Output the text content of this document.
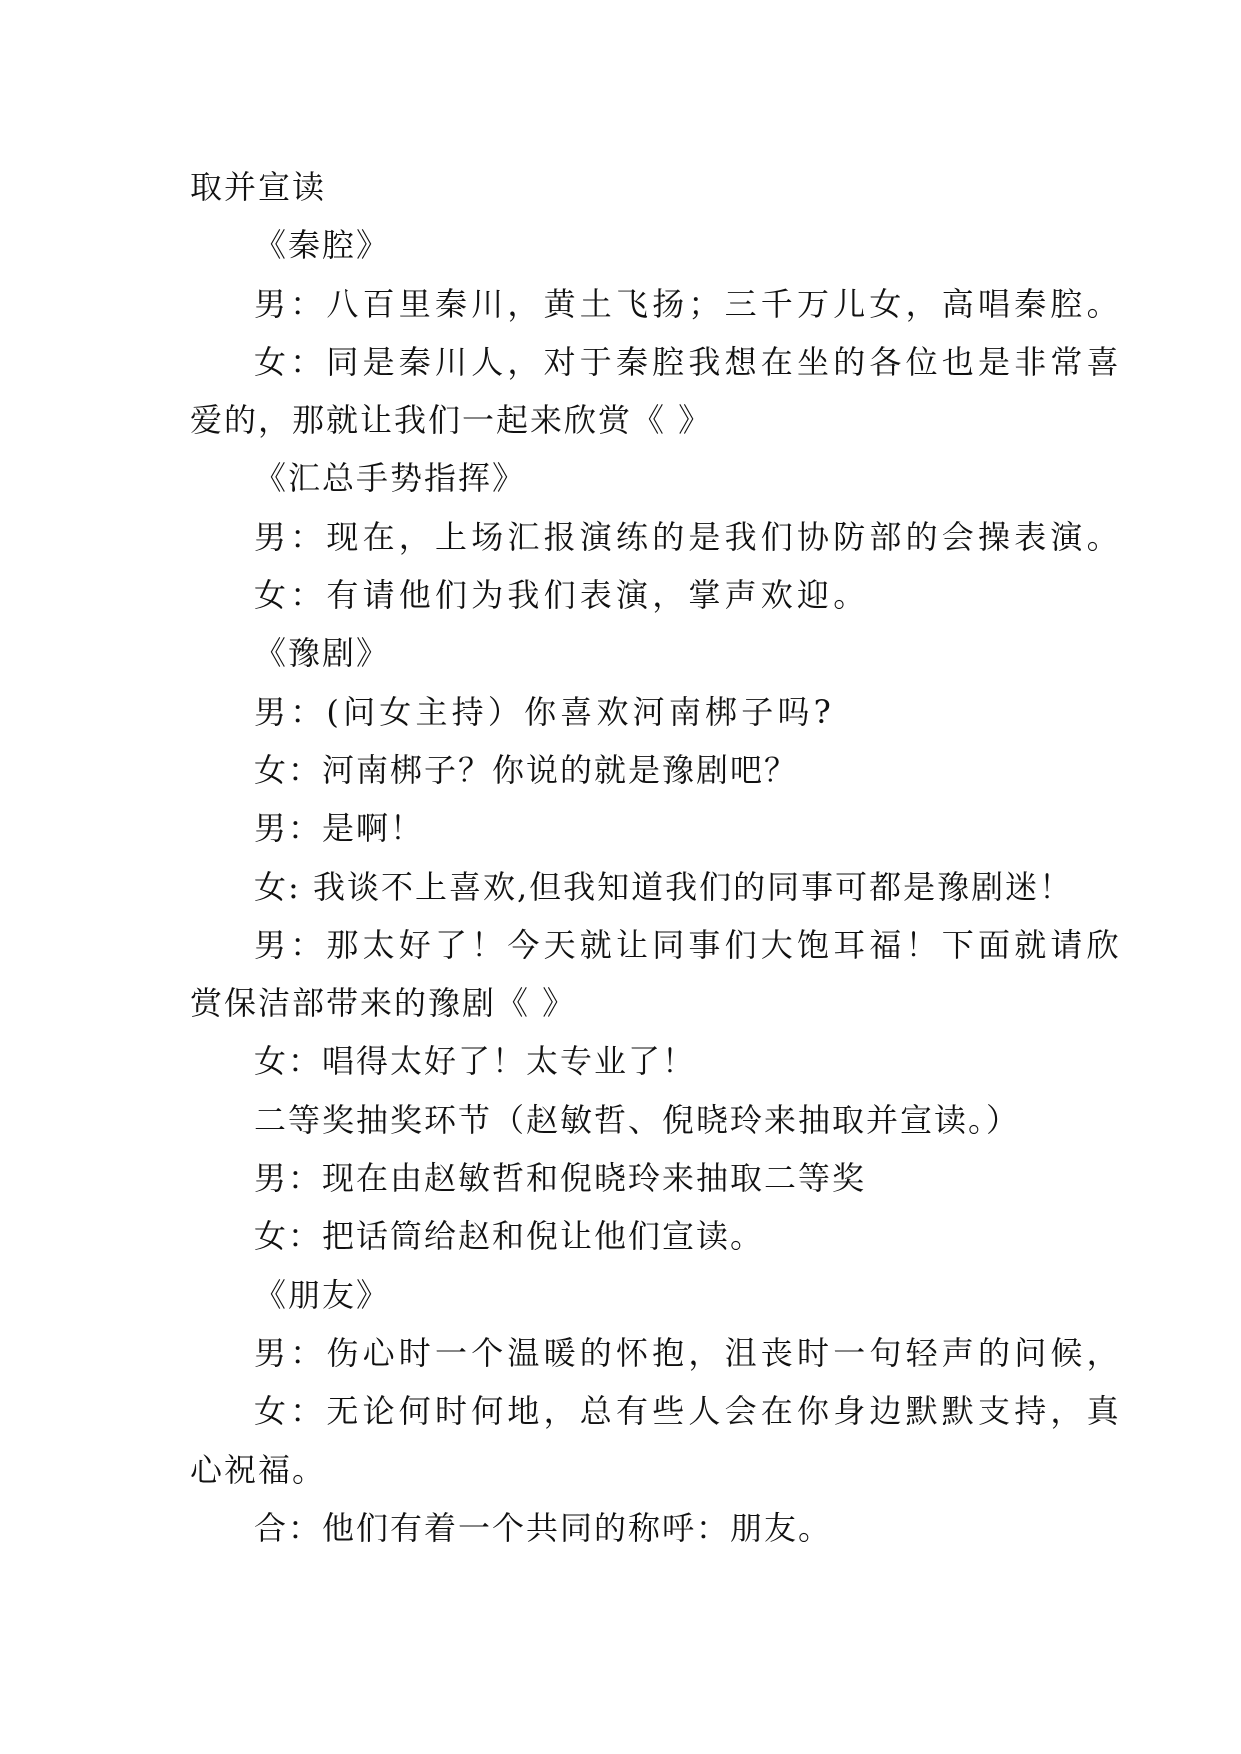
取并宣读
《秦腔》
男：八百里秦川，黄土飞扬；三千万儿女，高唱秦腔。
女：同是秦川人，对于秦腔我想在坐的各位也是非常喜
爱的，那就让我们一起来欣赏《 》
《汇总手势指挥》
男：现在，上场汇报演练的是我们协防部的会操表演。
女：有请他们为我们表演，掌声欢迎。
《豫剧》
男：(问女主持）你喜欢河南梆子吗?
女：河南梆子？你说的就是豫剧吧？
男：是啊！
女: 我谈不上喜欢,但我知道我们的同事可都是豫剧迷！
男：那太好了！今天就让同事们大饱耳福！下面就请欣
赏保洁部带来的豫剧《 》
女：唱得太好了！太专业了！
二等奖抽奖环节（赵敏哲、倪晓玲来抽取并宣读。）
男：现在由赵敏哲和倪晓玲来抽取二等奖
女：把话筒给赵和倪让他们宣读。
《朋友》
男：伤心时一个温暖的怀抱，沮丧时一句轻声的问候，
女：无论何时何地，总有些人会在你身边默默支持，真
心祝福。
合：他们有着一个共同的称呼：朋友。
